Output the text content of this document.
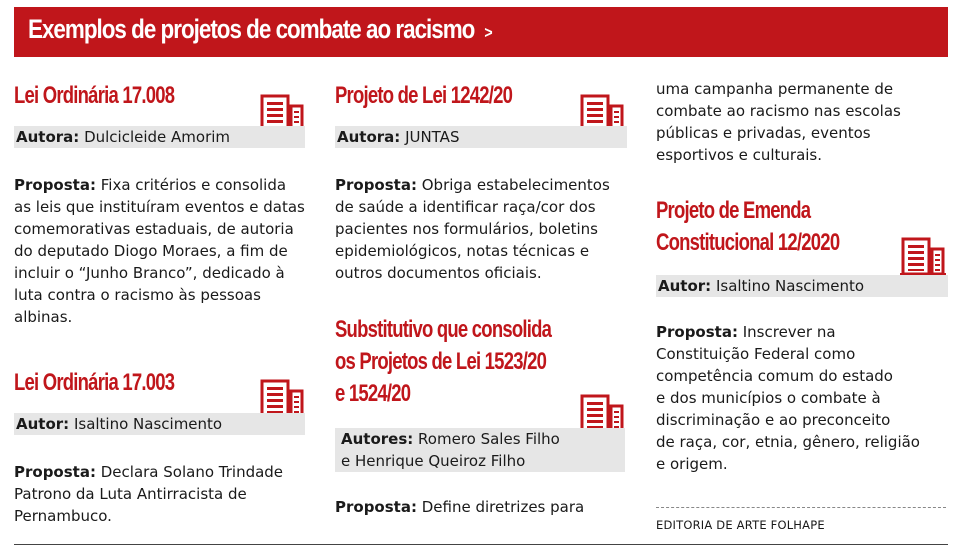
Exemplos de projetos de combate ao racismo >
Lei Ordinária 17.008
Autora: Dulcicleide Amorim
Proposta: Fixa critérios e consolida
as leis que instituíram eventos e datas
comemorativas estaduais, de autoria
do deputado Diogo Moraes, a fim de
incluir o “Junho Branco”, dedicado à
luta contra o racismo às pessoas
albinas.
Lei Ordinária 17.003
Autor: Isaltino Nascimento
Proposta: Declara Solano Trindade
Patrono da Luta Antirracista de
Pernambuco.
Projeto de Lei 1242/20
Autora: JUNTAS
Proposta: Obriga estabelecimentos
de saúde a identificar raça/cor dos
pacientes nos formulários, boletins
epidemiológicos, notas técnicas e
outros documentos oficiais.
Substitutivo que consolida
os Projetos de Lei 1523/20
e 1524/20
Autores: Romero Sales Filho
e Henrique Queiroz Filho
Proposta: Define diretrizes para
uma campanha permanente de
combate ao racismo nas escolas
públicas e privadas, eventos
esportivos e culturais.
Projeto de Emenda
Constitucional 12/2020
Autor: Isaltino Nascimento
Proposta: Inscrever na
Constituição Federal como
competência comum do estado
e dos municípios o combate à
discriminação e ao preconceito
de raça, cor, etnia, gênero, religião
e origem.
EDITORIA DE ARTE FOLHAPE
